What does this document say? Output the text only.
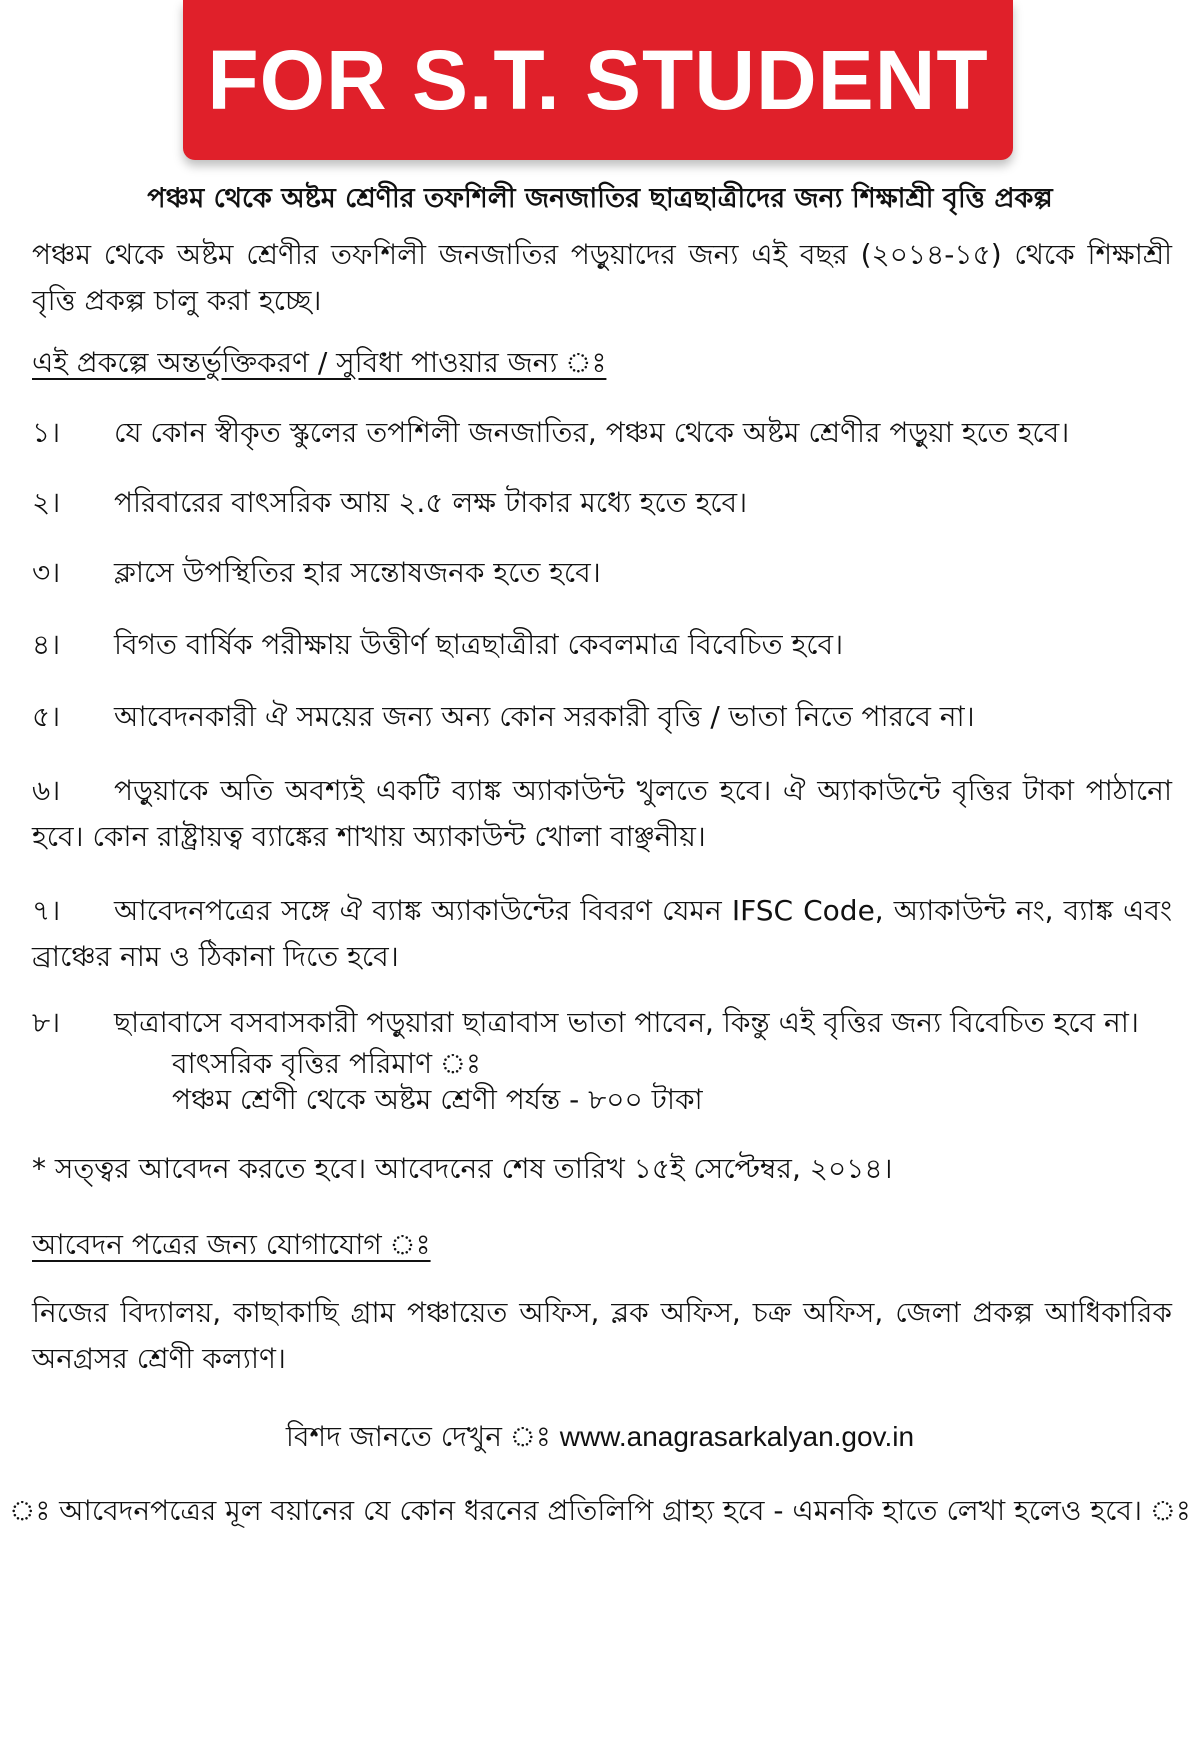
FOR S.T. STUDENT
পঞ্চম থেকে অষ্টম শ্রেণীর তফশিলী জনজাতির ছাত্রছাত্রীদের জন্য শিক্ষাশ্রী বৃত্তি প্রকল্প
পঞ্চম থেকে অষ্টম শ্রেণীর তফশিলী জনজাতির পড়ুয়াদের জন্য এই বছর (২০১৪-১৫) থেকে শিক্ষাশ্রী বৃত্তি প্রকল্প চালু করা হচ্ছে।
এই প্রকল্পে অন্তর্ভুক্তিকরণ / সুবিধা পাওয়ার জন্য ঃ
১। যে কোন স্বীকৃত স্কুলের তপশিলী জনজাতির, পঞ্চম থেকে অষ্টম শ্রেণীর পড়ুয়া হতে হবে।
২। পরিবারের বাৎসরিক আয় ২.৫ লক্ষ টাকার মধ্যে হতে হবে।
৩। ক্লাসে উপস্থিতির হার সন্তোষজনক হতে হবে।
৪। বিগত বার্ষিক পরীক্ষায় উত্তীর্ণ ছাত্রছাত্রীরা কেবলমাত্র বিবেচিত হবে।
৫। আবেদনকারী ঐ সময়ের জন্য অন্য কোন সরকারী বৃত্তি / ভাতা নিতে পারবে না।
৬। পড়ুয়াকে অতি অবশ্যই একটি ব্যাঙ্ক অ্যাকাউন্ট খুলতে হবে। ঐ অ্যাকাউন্টে বৃত্তির টাকা পাঠানো হবে। কোন রাষ্ট্রায়ত্ব ব্যাঙ্কের শাখায় অ্যাকাউন্ট খোলা বাঞ্ছনীয়।
৭। আবেদনপত্রের সঙ্গে ঐ ব্যাঙ্ক অ্যাকাউন্টের বিবরণ যেমন IFSC Code, অ্যাকাউন্ট নং, ব্যাঙ্ক এবং ব্রাঞ্চের নাম ও ঠিকানা দিতে হবে।
৮। ছাত্রাবাসে বসবাসকারী পড়ুয়ারা ছাত্রাবাস ভাতা পাবেন, কিন্তু এই বৃত্তির জন্য বিবেচিত হবে না।
বাৎসরিক বৃত্তির পরিমাণ ঃ
পঞ্চম শ্রেণী থেকে অষ্টম শ্রেণী পর্যন্ত - ৮০০ টাকা
* সত্ত্বর আবেদন করতে হবে। আবেদনের শেষ তারিখ ১৫ই সেপ্টেম্বর, ২০১৪।
আবেদন পত্রের জন্য যোগাযোগ ঃ
নিজের বিদ্যালয়, কাছাকাছি গ্রাম পঞ্চায়েত অফিস, ব্লক অফিস, চক্র অফিস, জেলা প্রকল্প আধিকারিক অনগ্রসর শ্রেণী কল্যাণ।
বিশদ জানতে দেখুন ঃ www.anagrasarkalyan.gov.in
ঃ আবেদনপত্রের মূল বয়ানের যে কোন ধরনের প্রতিলিপি গ্রাহ্য হবে - এমনকি হাতে লেখা হলেও হবে। ঃ
